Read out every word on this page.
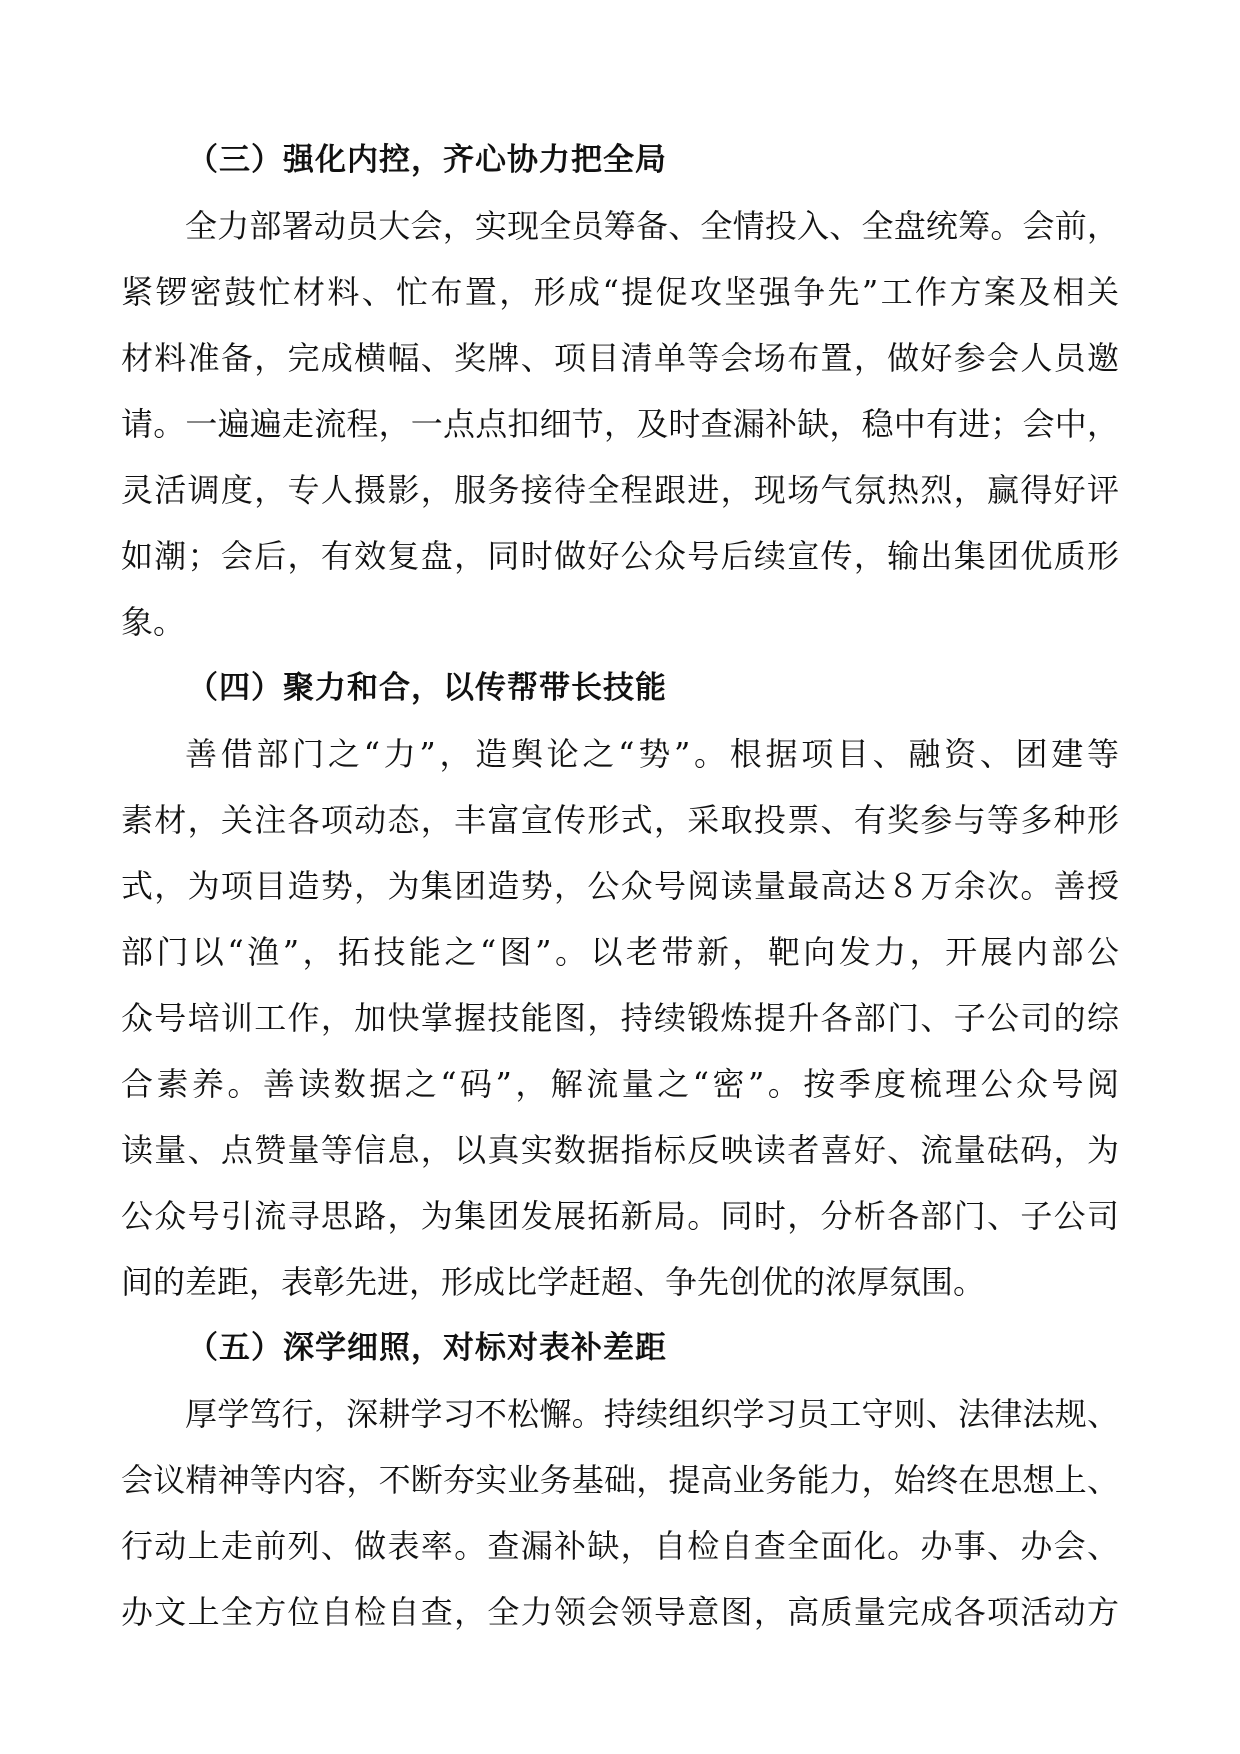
（三）强化内控，齐心协力把全局

全力部署动员大会，实现全员筹备、全情投入、全盘统筹。会前，

紧锣密鼓忙材料、忙布置，形成“提促攻坚强争先”工作方案及相关

材料准备，完成横幅、奖牌、项目清单等会场布置，做好参会人员邀

请。一遍遍走流程，一点点扣细节，及时查漏补缺，稳中有进；会中，

灵活调度，专人摄影，服务接待全程跟进，现场气氛热烈，赢得好评

如潮；会后，有效复盘，同时做好公众号后续宣传，输出集团优质形

象。

（四）聚力和合，以传帮带长技能

善借部门之“力”，造舆论之“势”。根据项目、融资、团建等

素材，关注各项动态，丰富宣传形式，采取投票、有奖参与等多种形

式，为项目造势，为集团造势，公众号阅读量最高达８万余次。善授

部门以“渔”，拓技能之“图”。以老带新，靶向发力，开展内部公

众号培训工作，加快掌握技能图，持续锻炼提升各部门、子公司的综

合素养。善读数据之“码”，解流量之“密”。按季度梳理公众号阅

读量、点赞量等信息，以真实数据指标反映读者喜好、流量砝码，为

公众号引流寻思路，为集团发展拓新局。同时，分析各部门、子公司

间的差距，表彰先进，形成比学赶超、争先创优的浓厚氛围。

（五）深学细照，对标对表补差距

厚学笃行，深耕学习不松懈。持续组织学习员工守则、法律法规、

会议精神等内容，不断夯实业务基础，提高业务能力，始终在思想上、

行动上走前列、做表率。查漏补缺，自检自查全面化。办事、办会、

办文上全方位自检自查，全力领会领导意图，高质量完成各项活动方
